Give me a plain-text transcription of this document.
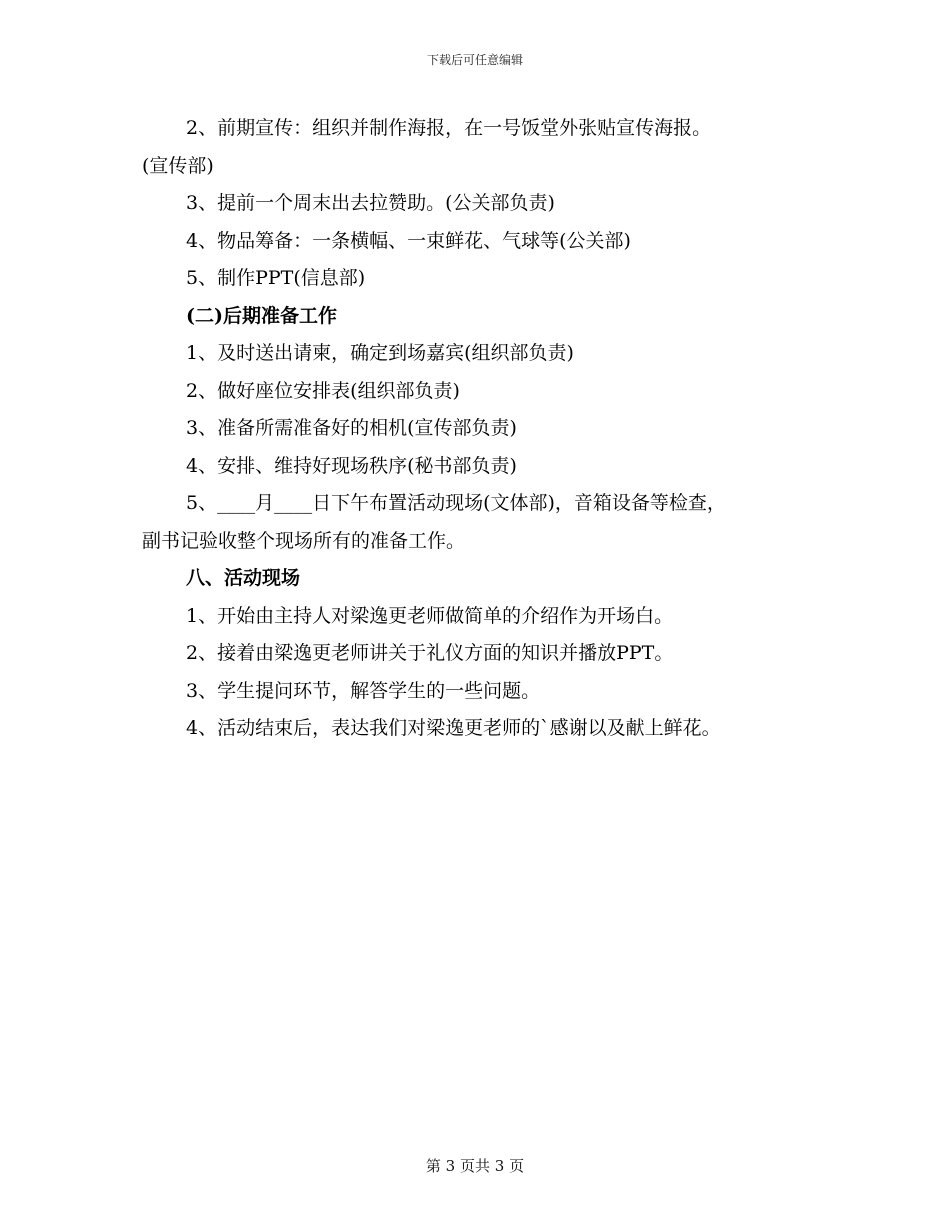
下载后可任意编辑

2、前期宣传：组织并制作海报，在一号饭堂外张贴宣传海报。

(宣传部)

3、提前一个周末出去拉赞助。(公关部负责)

4、物品筹备：一条横幅、一束鲜花、气球等(公关部)

5、制作PPT(信息部)

(二)后期准备工作

1、及时送出请柬，确定到场嘉宾(组织部负责)

2、做好座位安排表(组织部负责)

3、准备所需准备好的相机(宣传部负责)

4、安排、维持好现场秩序(秘书部负责)

5、____月____日下午布置活动现场(文体部)，音箱设备等检查，

副书记验收整个现场所有的准备工作。

八、活动现场

1、开始由主持人对梁逸更老师做简单的介绍作为开场白。

2、接着由梁逸更老师讲关于礼仪方面的知识并播放PPT。

3、学生提问环节，解答学生的一些问题。

4、活动结束后，表达我们对梁逸更老师的`感谢以及献上鲜花。

第 3 页共 3 页
